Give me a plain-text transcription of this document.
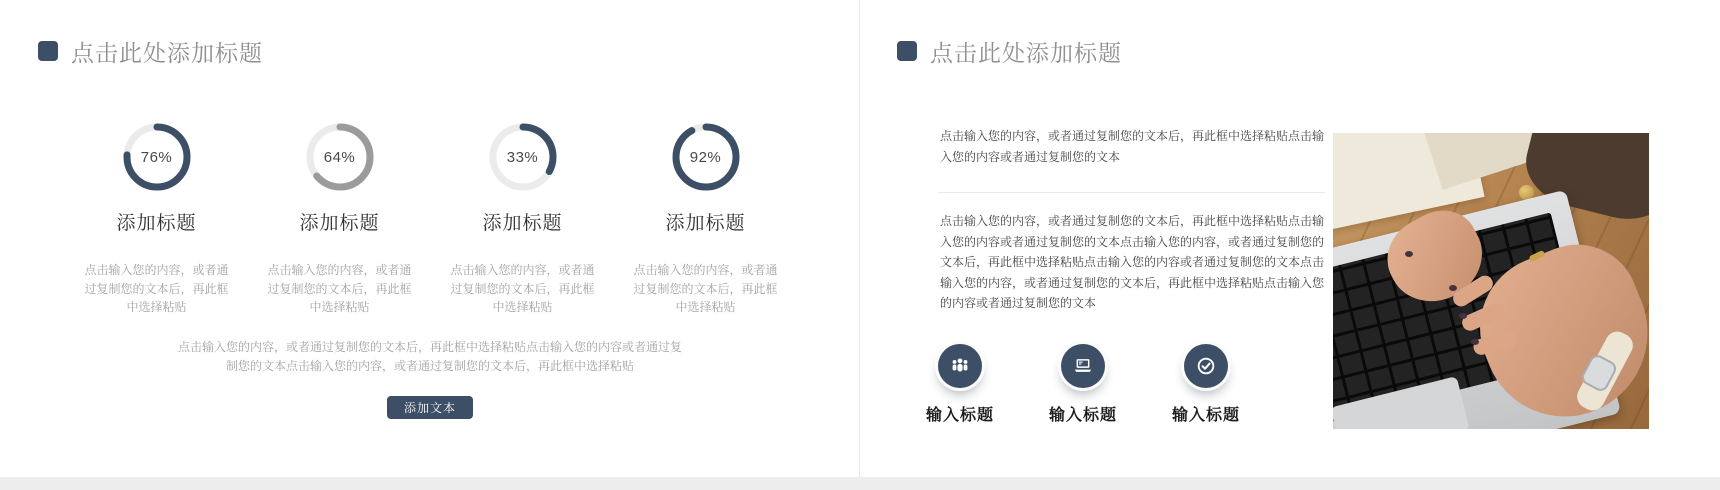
点击此处添加标题
76%
添加标题
点击输入您的内容，或者通过复制您的文本后，再此框中选择粘贴
64%
添加标题
点击输入您的内容，或者通过复制您的文本后，再此框中选择粘贴
33%
添加标题
点击输入您的内容，或者通过复制您的文本后，再此框中选择粘贴
92%
添加标题
点击输入您的内容，或者通过复制您的文本后，再此框中选择粘贴

点击输入您的内容，或者通过复制您的文本后，再此框中选择粘贴点击输入您的内容或者通过复制您的文本点击输入您的内容，或者通过复制您的文本后，再此框中选择粘贴

添加文本
点击此处添加标题

点击输入您的内容，或者通过复制您的文本后，再此框中选择粘贴点击输入您的内容或者通过复制您的文本

点击输入您的内容，或者通过复制您的文本后，再此框中选择粘贴点击输入您的内容或者通过复制您的文本点击输入您的内容，或者通过复制您的文本后，再此框中选择粘贴点击输入您的内容或者通过复制您的文本点击输入您的内容，或者通过复制您的文本后，再此框中选择粘贴点击输入您的内容或者通过复制您的文本

输入标题	输入标题	输入标题
